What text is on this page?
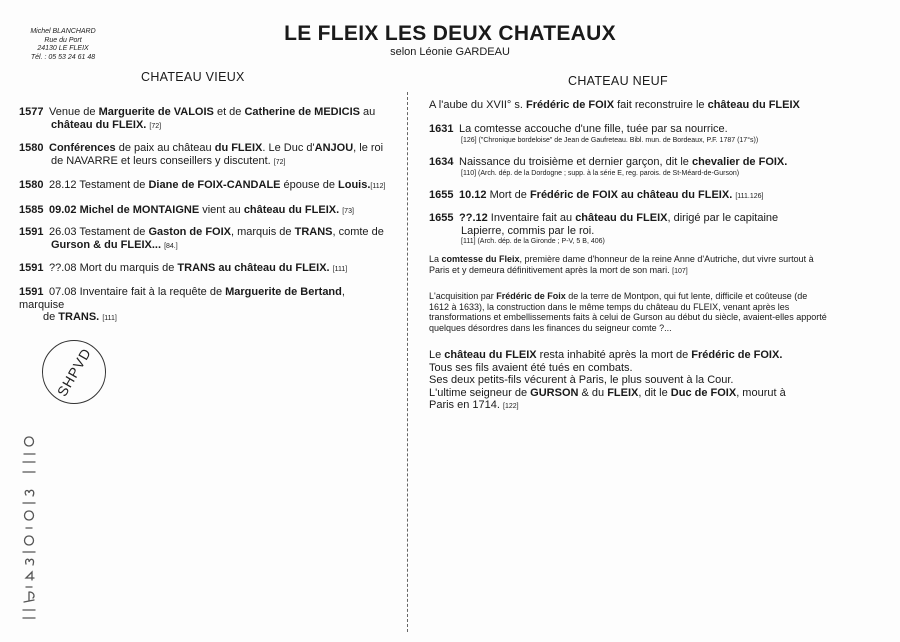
Michel BLANCHARD
Rue du Port
24130 LE FLEIX
Tél. : 05 53 24 61 48
LE FLEIX LES DEUX CHATEAUX
selon Léonie GARDEAU
CHATEAU VIEUX	CHATEAU NEUF
1577 Venue de Marguerite de VALOIS et de Catherine de MEDICIS au
château du FLEIX. [72]
1580 Conférences de paix au château du FLEIX. Le Duc d'ANJOU, le roi
de NAVARRE et leurs conseillers y discutent. [72]
1580 28.12 Testament de Diane de FOIX-CANDALE épouse de Louis.[112]
1585 09.02 Michel de MONTAIGNE vient au château du FLEIX. [73]
1591 26.03 Testament de Gaston de FOIX, marquis de TRANS, comte de
Gurson & du FLEIX... [84.]
1591 ??.08 Mort du marquis de TRANS au château du FLEIX. [111]
1591 07.08 Inventaire fait à la requête de Marguerite de Bertand, marquise
de TRANS. [111]
A l'aube du XVII° s. Frédéric de FOIX fait reconstruire le château du FLEIX
1631 La comtesse accouche d'une fille, tuée par sa nourrice.
[126] ("Chronique bordeloise" de Jean de Gaufreteau. Bibl. mun. de Bordeaux, P.F. 1787 (17°s))
1634 Naissance du troisième et dernier garçon, dit le chevalier de FOIX.
[110] (Arch. dép. de la Dordogne ; supp. à la série E, reg. parois. de St-Méard-de-Gurson)
1655 10.12 Mort de Frédéric de FOIX au château du FLEIX. [111.126]
1655 ??.12 Inventaire fait au château du FLEIX, dirigé par le capitaine
Lapierre, commis par le roi.
[111] (Arch. dép. de la Gironde ; P-V, 5 B, 406)
La comtesse du Fleix, première dame d'honneur de la reine Anne d'Autriche, dut vivre surtout à Paris et y demeura définitivement après la mort de son mari. [107]
L'acquisition par Frédéric de Foix de la terre de Montpon, qui fut lente, difficile et coûteuse (de 1612 à 1633), la construction dans le même temps du château du FLEIX, venant après les transformations et embellissements faits à celui de Gurson au début du siècle, avaient-elles apporté quelques désordres dans les finances du seigneur comte ?...
Le château du FLEIX resta inhabité après la mort de Frédéric de FOIX.
Tous ses fils avaient été tués en combats.
Ses deux petits-fils vécurent à Paris, le plus souvent à la Cour.
L'ultime seigneur de GURSON & du FLEIX, dit le Duc de FOIX, mourut à
Paris en 1714. [122]
SHPVD
